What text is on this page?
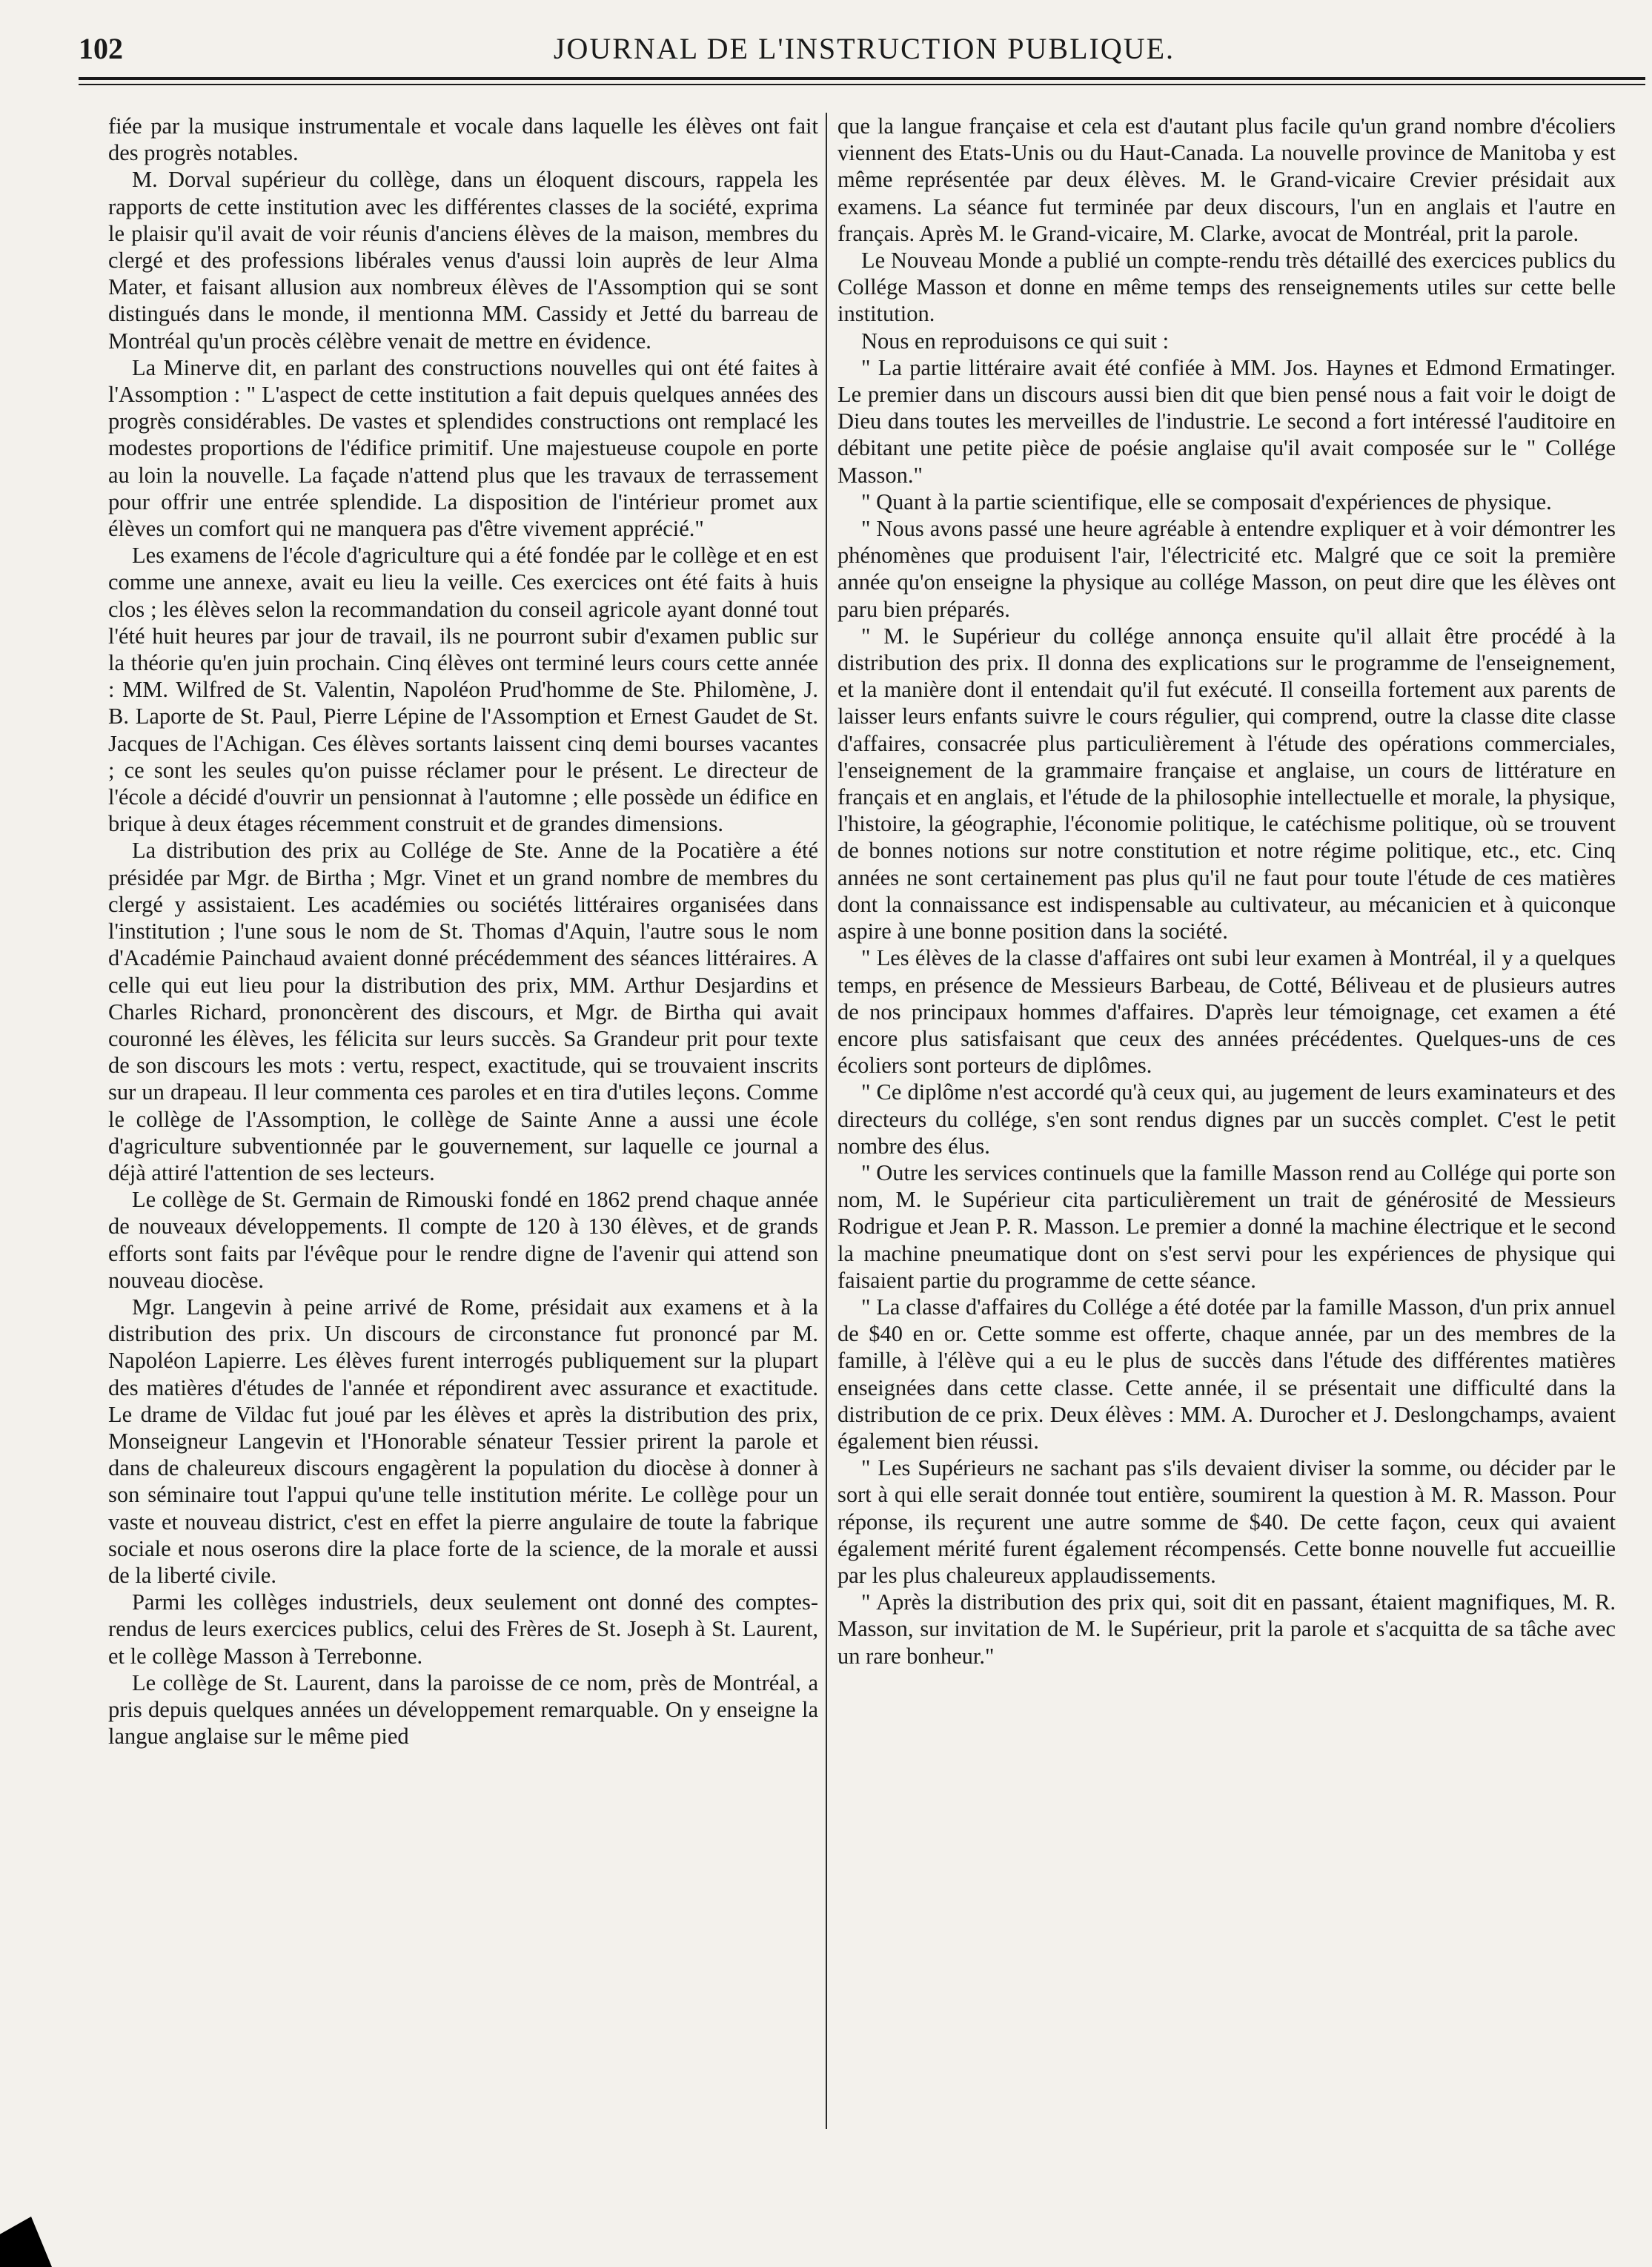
102	JOURNAL DE L'INSTRUCTION PUBLIQUE.

fiée par la musique instrumentale et vocale dans laquelle les élèves ont fait des progrès notables.

M. Dorval supérieur du collège, dans un éloquent discours, rappela les rapports de cette institution avec les différentes classes de la société, exprima le plaisir qu'il avait de voir réunis d'anciens élèves de la maison, membres du clergé et des professions libérales venus d'aussi loin auprès de leur Alma Mater, et faisant allusion aux nombreux élèves de l'Assomption qui se sont distingués dans le monde, il mentionna MM. Cassidy et Jetté du barreau de Montréal qu'un procès célèbre venait de mettre en évidence.

La Minerve dit, en parlant des constructions nouvelles qui ont été faites à l'Assomption : " L'aspect de cette institution a fait depuis quelques années des progrès considérables. De vastes et splendides constructions ont remplacé les modestes proportions de l'édifice primitif. Une majestueuse coupole en porte au loin la nouvelle. La façade n'attend plus que les travaux de terrassement pour offrir une entrée splendide. La disposition de l'intérieur promet aux élèves un comfort qui ne manquera pas d'être vivement apprécié."

Les examens de l'école d'agriculture qui a été fondée par le collège et en est comme une annexe, avait eu lieu la veille. Ces exercices ont été faits à huis clos ; les élèves selon la recommandation du conseil agricole ayant donné tout l'été huit heures par jour de travail, ils ne pourront subir d'examen public sur la théorie qu'en juin prochain. Cinq élèves ont terminé leurs cours cette année : MM. Wilfred de St. Valentin, Napoléon Prud'homme de Ste. Philomène, J. B. Laporte de St. Paul, Pierre Lépine de l'Assomption et Ernest Gaudet de St. Jacques de l'Achigan. Ces élèves sortants laissent cinq demi bourses vacantes ; ce sont les seules qu'on puisse réclamer pour le présent. Le directeur de l'école a décidé d'ouvrir un pensionnat à l'automne ; elle possède un édifice en brique à deux étages récemment construit et de grandes dimensions.

La distribution des prix au Collége de Ste. Anne de la Pocatière a été présidée par Mgr. de Birtha ; Mgr. Vinet et un grand nombre de membres du clergé y assistaient. Les académies ou sociétés littéraires organisées dans l'institution ; l'une sous le nom de St. Thomas d'Aquin, l'autre sous le nom d'Académie Painchaud avaient donné précédemment des séances littéraires. A celle qui eut lieu pour la distribution des prix, MM. Arthur Desjardins et Charles Richard, prononcèrent des discours, et Mgr. de Birtha qui avait couronné les élèves, les félicita sur leurs succès. Sa Grandeur prit pour texte de son discours les mots : vertu, respect, exactitude, qui se trouvaient inscrits sur un drapeau. Il leur commenta ces paroles et en tira d'utiles leçons. Comme le collège de l'Assomption, le collège de Sainte Anne a aussi une école d'agriculture subventionnée par le gouvernement, sur laquelle ce journal a déjà attiré l'attention de ses lecteurs.

Le collège de St. Germain de Rimouski fondé en 1862 prend chaque année de nouveaux développements. Il compte de 120 à 130 élèves, et de grands efforts sont faits par l'évêque pour le rendre digne de l'avenir qui attend son nouveau diocèse.

Mgr. Langevin à peine arrivé de Rome, présidait aux examens et à la distribution des prix. Un discours de circonstance fut prononcé par M. Napoléon Lapierre. Les élèves furent interrogés publiquement sur la plupart des matières d'études de l'année et répondirent avec assurance et exactitude. Le drame de Vildac fut joué par les élèves et après la distribution des prix, Monseigneur Langevin et l'Honorable sénateur Tessier prirent la parole et dans de chaleureux discours engagèrent la population du diocèse à donner à son séminaire tout l'appui qu'une telle institution mérite. Le collège pour un vaste et nouveau district, c'est en effet la pierre angulaire de toute la fabrique sociale et nous oserons dire la place forte de la science, de la morale et aussi de la liberté civile.

Parmi les collèges industriels, deux seulement ont donné des comptes-rendus de leurs exercices publics, celui des Frères de St. Joseph à St. Laurent, et le collège Masson à Terrebonne.

Le collège de St. Laurent, dans la paroisse de ce nom, près de Montréal, a pris depuis quelques années un développement remarquable. On y enseigne la langue anglaise sur le même pied

que la langue française et cela est d'autant plus facile qu'un grand nombre d'écoliers viennent des Etats-Unis ou du Haut-Canada. La nouvelle province de Manitoba y est même représentée par deux élèves. M. le Grand-vicaire Crevier présidait aux examens. La séance fut terminée par deux discours, l'un en anglais et l'autre en français. Après M. le Grand-vicaire, M. Clarke, avocat de Montréal, prit la parole.

Le Nouveau Monde a publié un compte-rendu très détaillé des exercices publics du Collége Masson et donne en même temps des renseignements utiles sur cette belle institution.

Nous en reproduisons ce qui suit :

" La partie littéraire avait été confiée à MM. Jos. Haynes et Edmond Ermatinger. Le premier dans un discours aussi bien dit que bien pensé nous a fait voir le doigt de Dieu dans toutes les merveilles de l'industrie. Le second a fort intéressé l'auditoire en débitant une petite pièce de poésie anglaise qu'il avait composée sur le " Collége Masson."

" Quant à la partie scientifique, elle se composait d'expériences de physique.

" Nous avons passé une heure agréable à entendre expliquer et à voir démontrer les phénomènes que produisent l'air, l'électricité etc. Malgré que ce soit la première année qu'on enseigne la physique au collége Masson, on peut dire que les élèves ont paru bien préparés.

" M. le Supérieur du collége annonça ensuite qu'il allait être procédé à la distribution des prix. Il donna des explications sur le programme de l'enseignement, et la manière dont il entendait qu'il fut exécuté. Il conseilla fortement aux parents de laisser leurs enfants suivre le cours régulier, qui comprend, outre la classe dite classe d'affaires, consacrée plus particulièrement à l'étude des opérations commerciales, l'enseignement de la grammaire française et anglaise, un cours de littérature en français et en anglais, et l'étude de la philosophie intellectuelle et morale, la physique, l'histoire, la géographie, l'économie politique, le catéchisme politique, où se trouvent de bonnes notions sur notre constitution et notre régime politique, etc., etc. Cinq années ne sont certainement pas plus qu'il ne faut pour toute l'étude de ces matières dont la connaissance est indispensable au cultivateur, au mécanicien et à quiconque aspire à une bonne position dans la société.

" Les élèves de la classe d'affaires ont subi leur examen à Montréal, il y a quelques temps, en présence de Messieurs Barbeau, de Cotté, Béliveau et de plusieurs autres de nos principaux hommes d'affaires. D'après leur témoignage, cet examen a été encore plus satisfaisant que ceux des années précédentes. Quelques-uns de ces écoliers sont porteurs de diplômes.

" Ce diplôme n'est accordé qu'à ceux qui, au jugement de leurs examinateurs et des directeurs du collége, s'en sont rendus dignes par un succès complet. C'est le petit nombre des élus.

" Outre les services continuels que la famille Masson rend au Collége qui porte son nom, M. le Supérieur cita particulièrement un trait de générosité de Messieurs Rodrigue et Jean P. R. Masson. Le premier a donné la machine électrique et le second la machine pneumatique dont on s'est servi pour les expériences de physique qui faisaient partie du programme de cette séance.

" La classe d'affaires du Collége a été dotée par la famille Masson, d'un prix annuel de $40 en or. Cette somme est offerte, chaque année, par un des membres de la famille, à l'élève qui a eu le plus de succès dans l'étude des différentes matières enseignées dans cette classe. Cette année, il se présentait une difficulté dans la distribution de ce prix. Deux élèves : MM. A. Durocher et J. Deslongchamps, avaient également bien réussi.

" Les Supérieurs ne sachant pas s'ils devaient diviser la somme, ou décider par le sort à qui elle serait donnée tout entière, soumirent la question à M. R. Masson. Pour réponse, ils reçurent une autre somme de $40. De cette façon, ceux qui avaient également mérité furent également récompensés. Cette bonne nouvelle fut accueillie par les plus chaleureux applaudissements.

" Après la distribution des prix qui, soit dit en passant, étaient magnifiques, M. R. Masson, sur invitation de M. le Supérieur, prit la parole et s'acquitta de sa tâche avec un rare bonheur."
